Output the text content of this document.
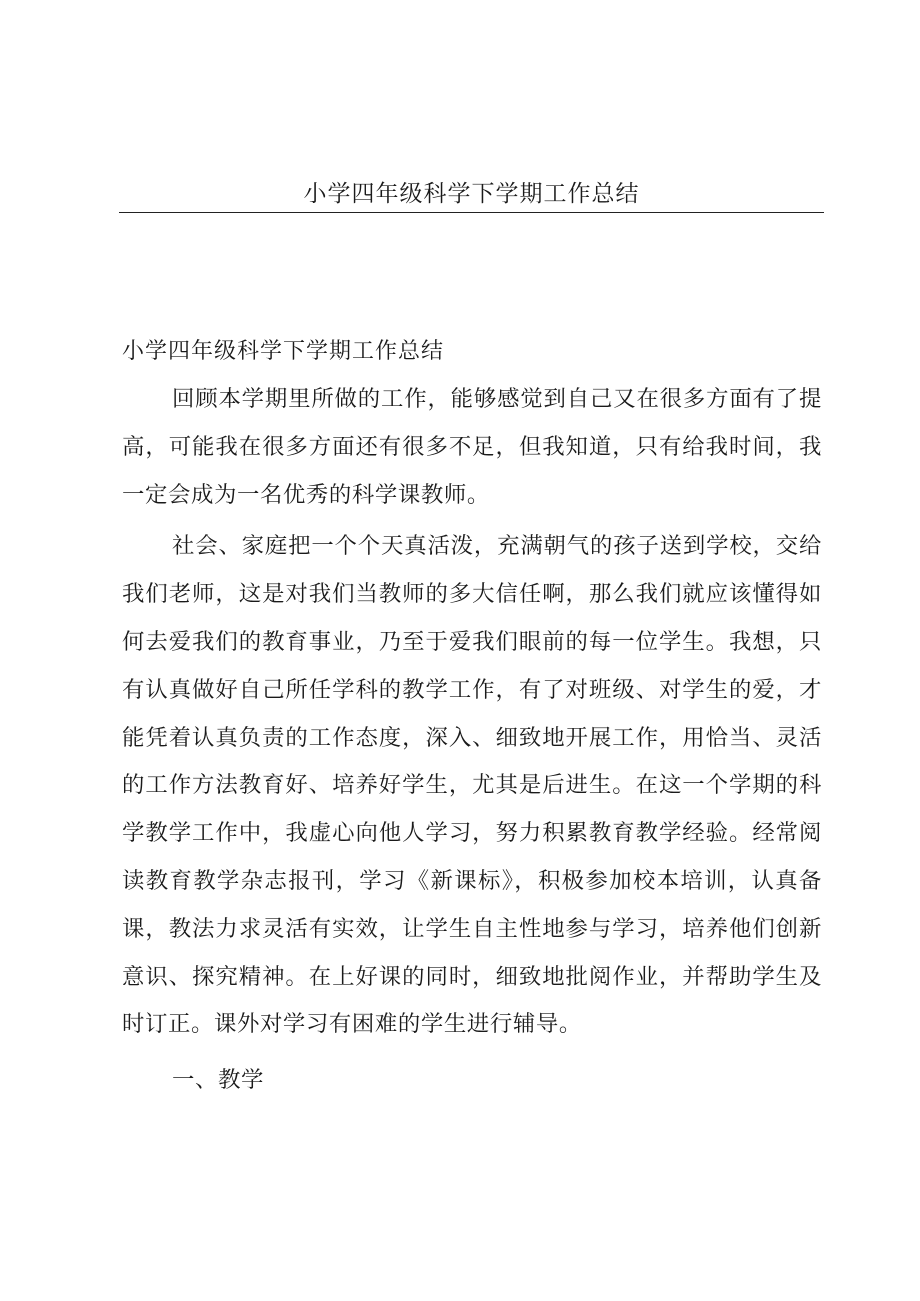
小学四年级科学下学期工作总结

小学四年级科学下学期工作总结

回顾本学期里所做的工作，能够感觉到自己又在很多方面有了提高，可能我在很多方面还有很多不足，但我知道，只有给我时间，我一定会成为一名优秀的科学课教师。

社会、家庭把一个个天真活泼，充满朝气的孩子送到学校，交给我们老师，这是对我们当教师的多大信任啊，那么我们就应该懂得如何去爱我们的教育事业，乃至于爱我们眼前的每一位学生。我想，只有认真做好自己所任学科的教学工作，有了对班级、对学生的爱，才能凭着认真负责的工作态度，深入、细致地开展工作，用恰当、灵活的工作方法教育好、培养好学生，尤其是后进生。在这一个学期的科学教学工作中，我虚心向他人学习，努力积累教育教学经验。经常阅读教育教学杂志报刊，学习《新课标》，积极参加校本培训，认真备课，教法力求灵活有实效，让学生自主性地参与学习，培养他们创新意识、探究精神。在上好课的同时，细致地批阅作业，并帮助学生及时订正。课外对学习有困难的学生进行辅导。

一、教学
